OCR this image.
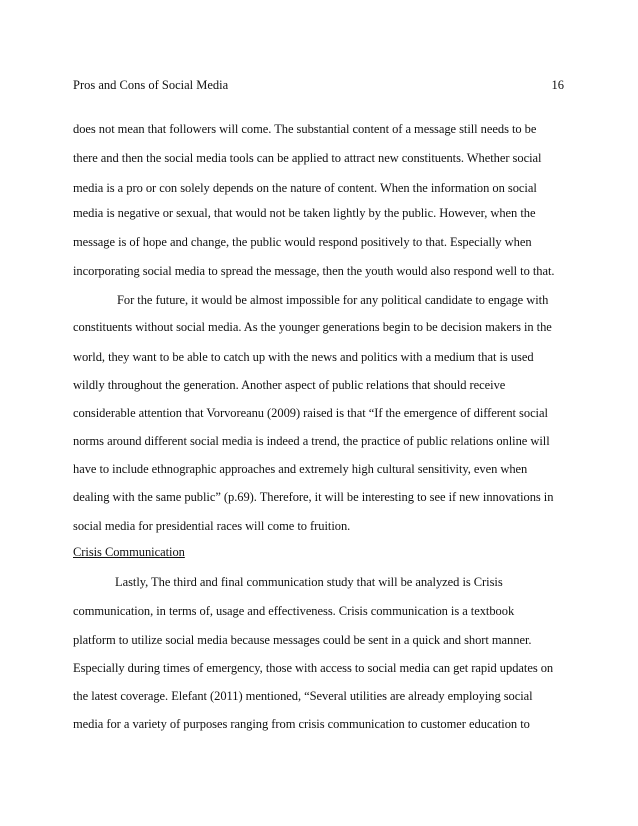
Pros and Cons of Social Media	16
does not mean that followers will come. The substantial content of a message still needs to be
there and then the social media tools can be applied to attract new constituents. Whether social
media is a pro or con solely depends on the nature of content. When the information on social
media is negative or sexual, that would not be taken lightly by the public. However, when the
message is of hope and change, the public would respond positively to that. Especially when
incorporating social media to spread the message, then the youth would also respond well to that.
For the future, it would be almost impossible for any political candidate to engage with
constituents without social media. As the younger generations begin to be decision makers in the
world, they want to be able to catch up with the news and politics with a medium that is used
wildly throughout the generation. Another aspect of public relations that should receive
considerable attention that Vorvoreanu (2009) raised is that “If the emergence of different social
norms around different social media is indeed a trend, the practice of public relations online will
have to include ethnographic approaches and extremely high cultural sensitivity, even when
dealing with the same public” (p.69). Therefore, it will be interesting to see if new innovations in
social media for presidential races will come to fruition.
Crisis Communication
Lastly, The third and final communication study that will be analyzed is Crisis
communication, in terms of, usage and effectiveness. Crisis communication is a textbook
platform to utilize social media because messages could be sent in a quick and short manner.
Especially during times of emergency, those with access to social media can get rapid updates on
the latest coverage. Elefant (2011) mentioned, “Several utilities are already employing social
media for a variety of purposes ranging from crisis communication to customer education to
